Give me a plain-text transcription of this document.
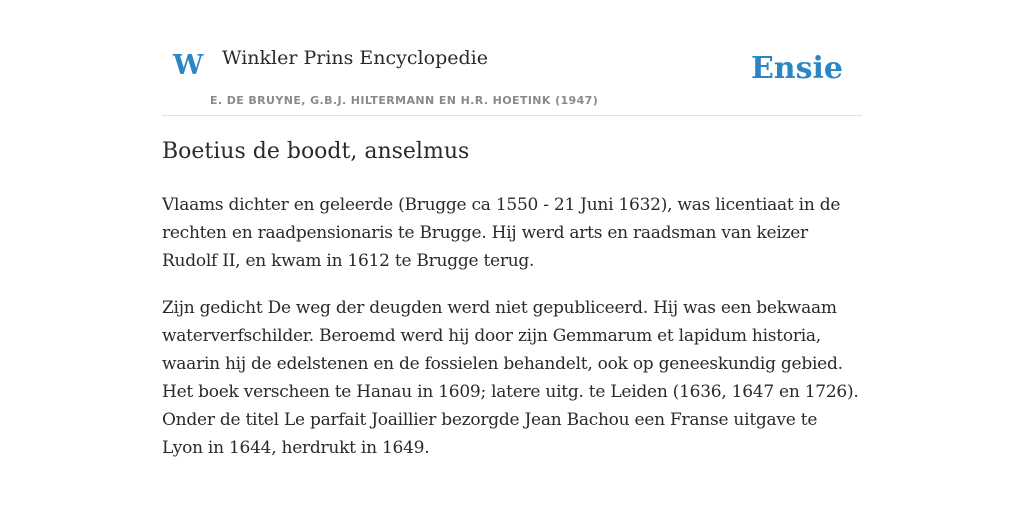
W Winkler Prins Encyclopedie
E. DE BRUYNE, G.B.J. HILTERMANN EN H.R. HOETINK (1947)
Ensie
Boetius de boodt, anselmus

Vlaams dichter en geleerde (Brugge ca 1550 - 21 Juni 1632), was licentiaat in de rechten en raadpensionaris te Brugge. Hij werd arts en raadsman van keizer Rudolf II, en kwam in 1612 te Brugge terug.

Zijn gedicht De weg der deugden werd niet gepubliceerd. Hij was een bekwaam waterverfschilder. Beroemd werd hij door zijn Gemmarum et lapidum historia, waarin hij de edelstenen en de fossielen behandelt, ook op geneeskundig gebied. Het boek verscheen te Hanau in 1609; latere uitg. te Leiden (1636, 1647 en 1726). Onder de titel Le parfait Joaillier bezorgde Jean Bachou een Franse uitgave te Lyon in 1644, herdrukt in 1649.
